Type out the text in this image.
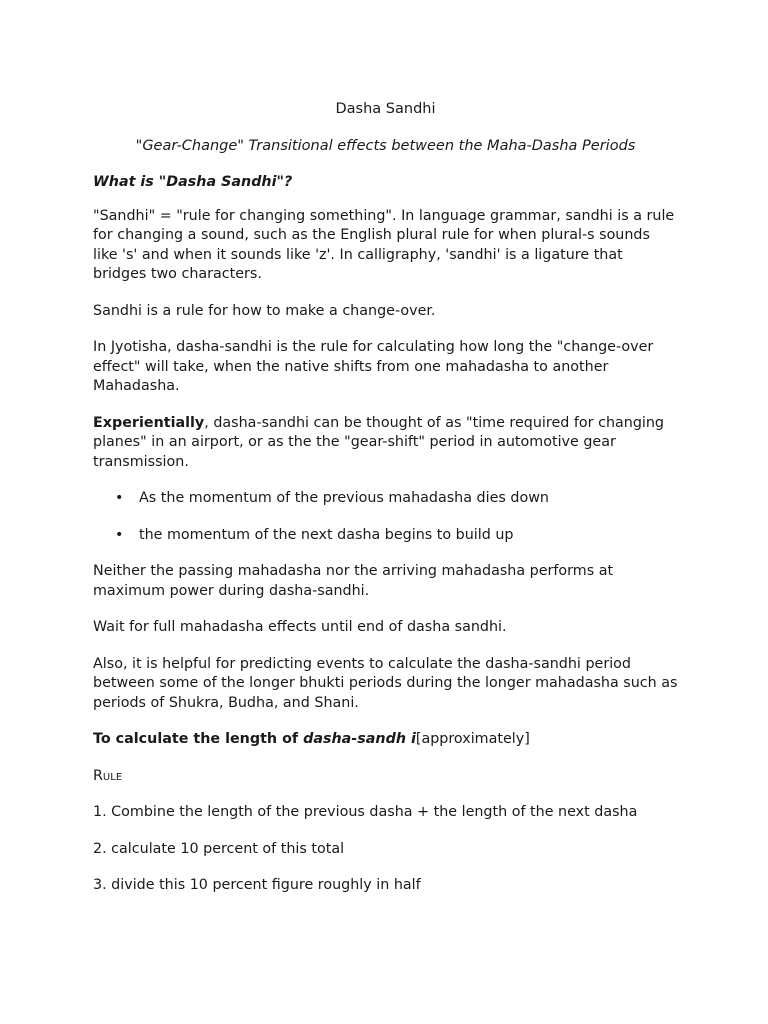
Dasha Sandhi
"Gear-Change" Transitional effects between the Maha-Dasha Periods
What is "Dasha Sandhi"?

"Sandhi" = "rule for changing something". In language grammar, sandhi is a rule for changing a sound, such as the English plural rule for when plural-s sounds like 's' and when it sounds like 'z'. In calligraphy, 'sandhi' is a ligature that bridges two characters.

Sandhi is a rule for how to make a change-over.

In Jyotisha, dasha-sandhi is the rule for calculating how long the "change-over effect" will take, when the native shifts from one mahadasha to another Mahadasha.

Experientially, dasha-sandhi can be thought of as "time required for changing planes" in an airport, or as the the "gear-shift" period in automotive gear transmission.

• As the momentum of the previous mahadasha dies down
• the momentum of the next dasha begins to build up

Neither the passing mahadasha nor the arriving mahadasha performs at maximum power during dasha-sandhi.

Wait for full mahadasha effects until end of dasha sandhi.

Also, it is helpful for predicting events to calculate the dasha-sandhi period between some of the longer bhukti periods during the longer mahadasha such as periods of Shukra, Budha, and Shani.

To calculate the length of dasha-sandh i[approximately]
Rule

1. Combine the length of the previous dasha + the length of the next dasha

2. calculate 10 percent of this total

3. divide this 10 percent figure roughly in half
